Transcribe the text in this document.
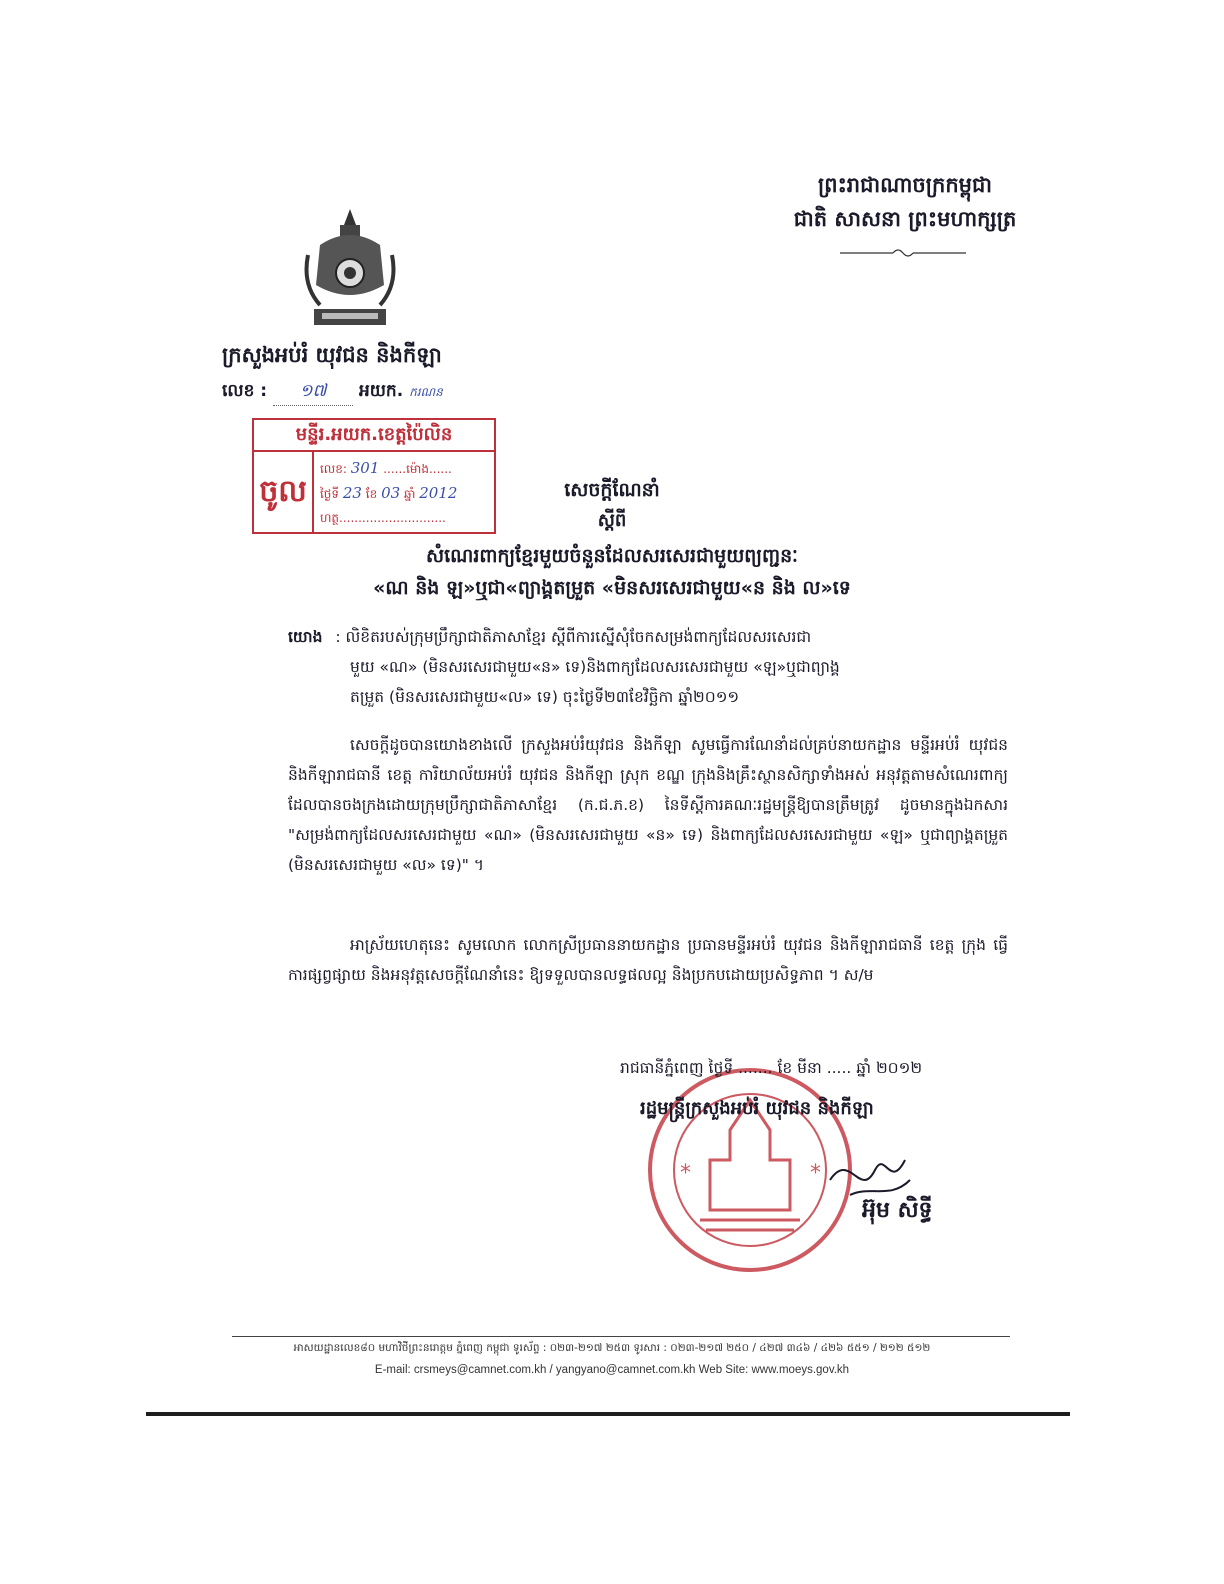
ព្រះរាជាណាចក្រកម្ពុជា
ជាតិ សាសនា ព្រះមហាក្សត្រ
ក្រសួងអប់រំ យុវជន និងកីឡា
លេខ : ១៧ អយក. ករណន
មន្ទីរ.អយក.ខេត្តប៉ៃលិន
ចូល
លេខ: 301 ......ម៉ោង......
ថ្ងៃទី 23 ខែ 03 ឆ្នាំ 2012
ហត្ថ............................
សេចក្តីណែនាំ
ស្តីពី
សំណេរពាក្យខ្មែរមួយចំនួនដែលសរសេរជាមួយព្យញ្ជនៈ
«ណ និង ឡ»ឬជា«ព្យាង្គតម្រួត «មិនសរសេរជាមួយ«ន និង ល»ទេ
យោង : លិខិតរបស់ក្រុមប្រឹក្សាជាតិភាសាខ្មែរ ស្តីពីការស្នើសុំចែកសម្រង់ពាក្យដែលសរសេរជា
មួយ «ណ» (មិនសរសេរជាមួយ«ន» ទេ)និងពាក្យដែលសរសេរជាមួយ «ឡ»ឬជាព្យាង្គ
តម្រួត (មិនសរសេរជាមួយ«ល» ទេ) ចុះថ្ងៃទី២៣ខែវិច្ឆិកា ឆ្នាំ២០១១
សេចក្តីដូចបានយោងខាងលើ ក្រសួងអប់រំយុវជន និងកីឡា សូមធ្វើការណែនាំដល់គ្រប់នាយកដ្ឋាន មន្ទីរអប់រំ យុវជន និងកីឡារាជធានី ខេត្ត ការិយាល័យអប់រំ យុវជន និងកីឡា ស្រុក ខណ្ឌ ក្រុងនិងគ្រឹះស្ថានសិក្សាទាំងអស់ អនុវត្តតាមសំណេរពាក្យ ដែលបានចងក្រងដោយក្រុមប្រឹក្សាជាតិភាសាខ្មែរ (ក.ជ.ភ.ខ) នៃទីស្តីការគណៈរដ្ឋមន្ត្រីឱ្យបានត្រឹមត្រូវ ដូចមានក្នុងឯកសារ "សម្រង់ពាក្យដែលសរសេរជាមួយ «ណ» (មិនសរសេរជាមួយ «ន» ទេ) និងពាក្យដែលសរសេរជាមួយ «ឡ» ឬជាព្យាង្គតម្រួត (មិនសរសេរជាមួយ «ល» ទេ)" ។
អាស្រ័យហេតុនេះ សូមលោក លោកស្រីប្រធាននាយកដ្ឋាន ប្រធានមន្ទីរអប់រំ យុវជន និងកីឡារាជធានី ខេត្ត ក្រុង ធ្វើការផ្សព្វផ្សាយ និងអនុវត្តសេចក្តីណែនាំនេះ ឱ្យទទួលបានលទ្ធផលល្អ និងប្រកបដោយប្រសិទ្ធភាព ។ ស/ម
*	*
រាជធានីភ្នំពេញ ថ្ងៃទី ....... ខែ មីនា ..... ឆ្នាំ ២០១២
រដ្ឋមន្ត្រីក្រសួងអប់រំ យុវជន និងកីឡា
អ៊ុម សិទ្ធី
អាសយដ្ឋានលេខ៨០ មហាវិថីព្រះនរោត្តម ភ្នំពេញ កម្ពុជា ទូរស័ព្ទ : ០២៣-២១៧ ២៥៣ ទូរសារ : ០២៣-២១៧ ២៥០ / ៤២៧ ៣៤៦ / ៤២៦ ៥៥១ / ២១២ ៥១២
E-mail: crsmeys@camnet.com.kh / yangyano@camnet.com.kh Web Site: www.moeys.gov.kh
